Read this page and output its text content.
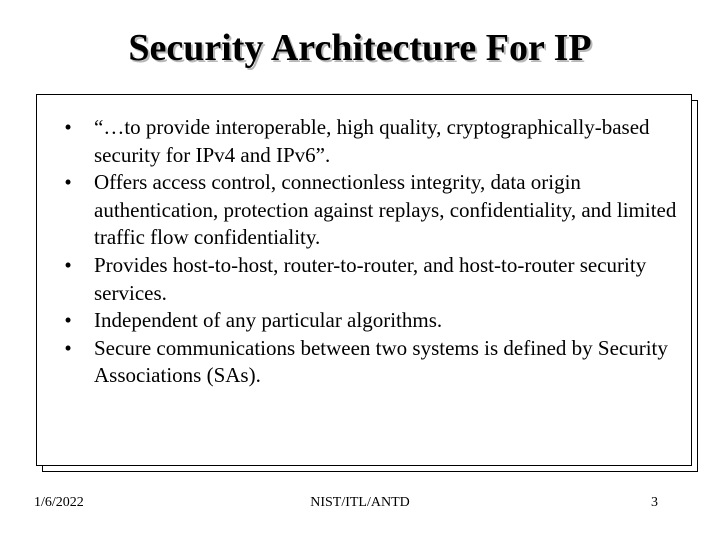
Security Architecture For IP
•	“…to provide interoperable, high quality, cryptographically-based security for IPv4 and IPv6”.
•	Offers access control, connectionless integrity, data origin authentication, protection against replays, confidentiality, and limited traffic flow confidentiality.
•	Provides host-to-host, router-to-router, and host-to-router security services.
•	Independent of any particular algorithms.
•	Secure communications between two systems is defined by Security Associations (SAs).
1/6/2022	NIST/ITL/ANTD	3
